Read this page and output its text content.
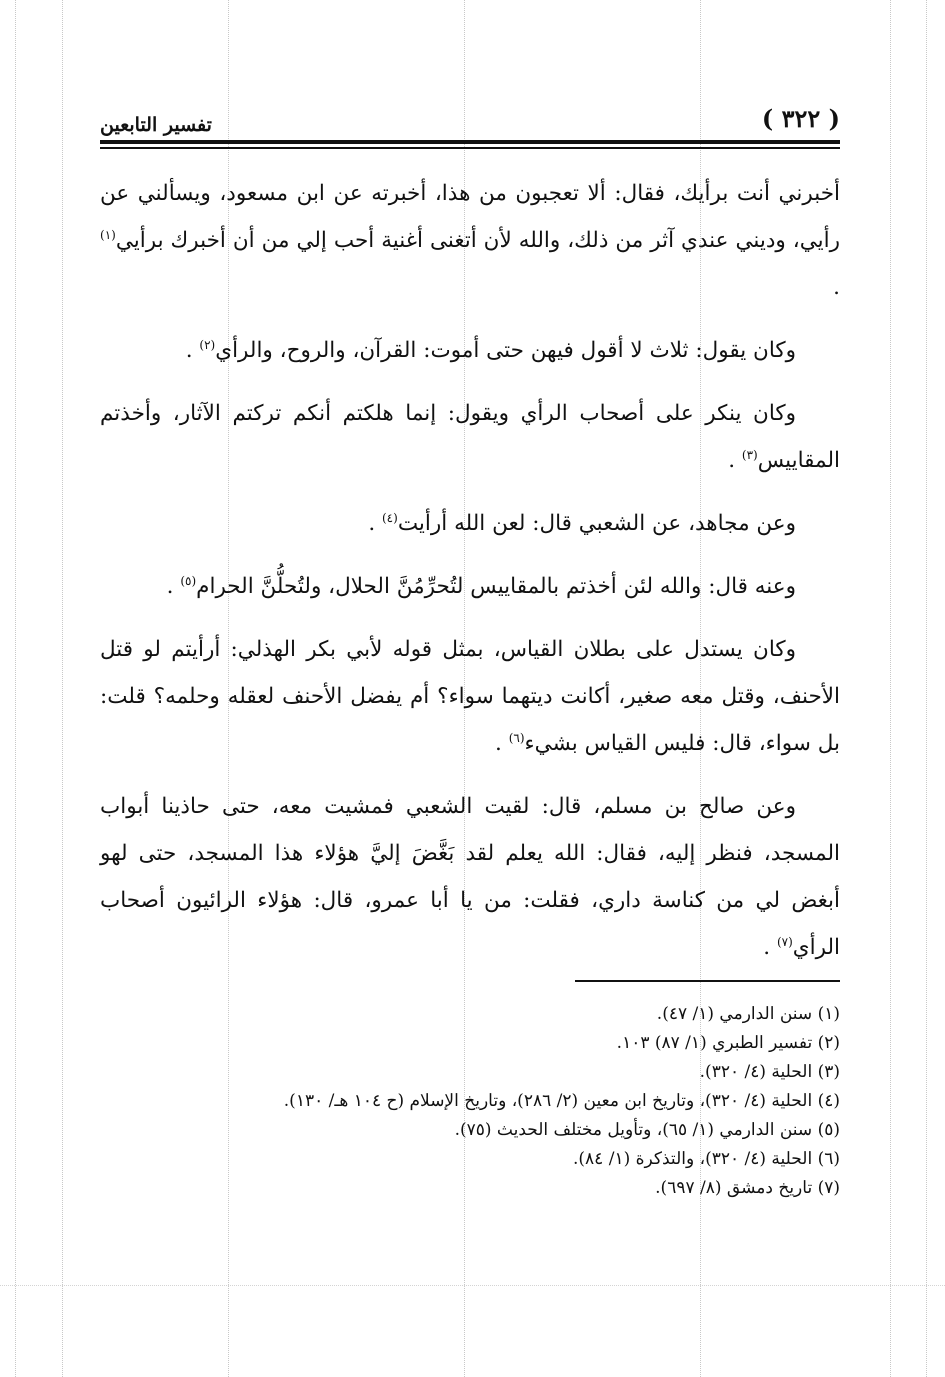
( ٣٢٢ )
تفسير التابعين

أخبرني أنت برأيك، فقال: ألا تعجبون من هذا، أخبرته عن ابن مسعود، ويسألني عن رأيي، وديني عندي آثر من ذلك، والله لأن أتغنى أغنية أحب إلي من أن أخبرك برأيي$^{(١)}$ .

وكان يقول: ثلاث لا أقول فيهن حتى أموت: القرآن، والروح، والرأي$^{(٢)}$ .

وكان ينكر على أصحاب الرأي ويقول: إنما هلكتم أنكم تركتم الآثار، وأخذتم المقاييس$^{(٣)}$ .

وعن مجاهد، عن الشعبي قال: لعن الله أرأيت$^{(٤)}$ .

وعنه قال: والله لئن أخذتم بالمقاييس لتُحرِّمُنَّ الحلال، ولتُحلُّنَّ الحرام$^{(٥)}$ .

وكان يستدل على بطلان القياس، بمثل قوله لأبي بكر الهذلي: أرأيتم لو قتل الأحنف، وقتل معه صغير، أكانت ديتهما سواء؟ أم يفضل الأحنف لعقله وحلمه؟ قلت: بل سواء، قال: فليس القياس بشيء$^{(٦)}$ .

وعن صالح بن مسلم، قال: لقيت الشعبي فمشيت معه، حتى حاذينا أبواب المسجد، فنظر إليه، فقال: الله يعلم لقد بَغَّضَ إليَّ هؤلاء هذا المسجد، حتى لهو أبغض لي من كناسة داري، فقلت: من يا أبا عمرو، قال: هؤلاء الرائيون أصحاب الرأي$^{(٧)}$ .

(١) سنن الدارمي (١/ ٤٧).
(٢) تفسير الطبري (١/ ٨٧) ١٠٣.
(٣) الحلية (٤/ ٣٢٠).
(٤) الحلية (٤/ ٣٢٠)، وتاريخ ابن معين (٢/ ٢٨٦)، وتاريخ الإسلام (ح ١٠٤ هـ/ ١٣٠).
(٥) سنن الدارمي (١/ ٦٥)، وتأويل مختلف الحديث (٧٥).
(٦) الحلية (٤/ ٣٢٠)، والتذكرة (١/ ٨٤).
(٧) تاريخ دمشق (٨/ ٦٩٧).
